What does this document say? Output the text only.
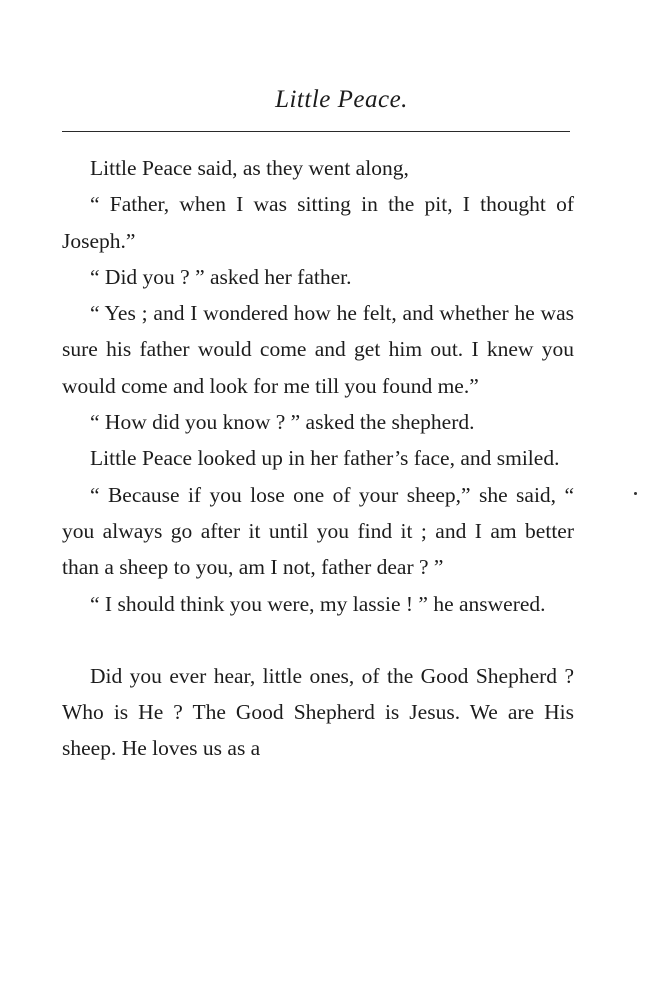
Little Peace.

Little Peace said, as they went along,

“ Father, when I was sitting in the pit, I thought of Joseph.”

“ Did you ? ” asked her father.

“ Yes ; and I wondered how he felt, and whether he was sure his father would come and get him out. I knew you would come and look for me till you found me.”

“ How did you know ? ” asked the shepherd.

Little Peace looked up in her father’s face, and smiled.

“ Because if you lose one of your sheep,” she said, “ you always go after it until you find it ; and I am better than a sheep to you, am I not, father dear ? ”

“ I should think you were, my lassie ! ” he answered.

Did you ever hear, little ones, of the Good Shepherd ? Who is He ? The Good Shepherd is Jesus. We are His sheep. He loves us as a
